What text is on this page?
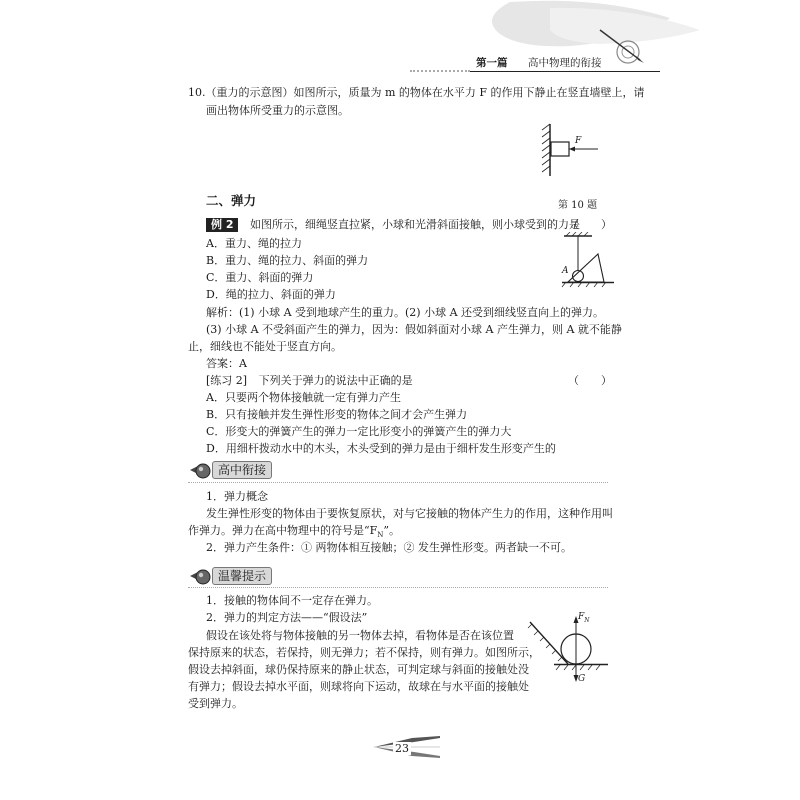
第一篇	高中物理的衔接
10.（重力的示意图）如图所示，质量为 m 的物体在水平力 F 的作用下静止在竖直墙壁上，请
画出物体所受重力的示意图。
F
第 10 题
二、弹力
例 2 如图所示，细绳竖直拉紧，小球和光滑斜面接触，则小球受到的力是
（　　）
A．重力、绳的拉力
B．重力、绳的拉力、斜面的弹力
C．重力、斜面的弹力
D．绳的拉力、斜面的弹力
A
解析：(1) 小球 A 受到地球产生的重力。(2) 小球 A 还受到细线竖直向上的弹力。
(3) 小球 A 不受斜面产生的弹力，因为：假如斜面对小球 A 产生弹力，则 A 就不能静
止，细线也不能处于竖直方向。
答案：A
[练习 2] 下列关于弹力的说法中正确的是	（　　）
A．只要两个物体接触就一定有弹力产生
B．只有接触并发生弹性形变的物体之间才会产生弹力
C．形变大的弹簧产生的弹力一定比形变小的弹簧产生的弹力大
D．用细杆拨动水中的木头，木头受到的弹力是由于细杆发生形变产生的
高中衔接
1．弹力概念
发生弹性形变的物体由于要恢复原状，对与它接触的物体产生力的作用，这种作用叫
作弹力。弹力在高中物理中的符号是“$F_N$”。
2．弹力产生条件：① 两物体相互接触；② 发生弹性形变。两者缺一不可。
温馨提示
1．接触的物体间不一定存在弹力。
2．弹力的判定方法——“假设法”
假设在该处将与物体接触的另一物体去掉，看物体是否在该位置
保持原来的状态，若保持，则无弹力；若不保持，则有弹力。如图所示，
假设去掉斜面，球仍保持原来的静止状态，可判定球与斜面的接触处没
有弹力；假设去掉水平面，则球将向下运动，故球在与水平面的接触处
受到弹力。
$F_N$
G
23
